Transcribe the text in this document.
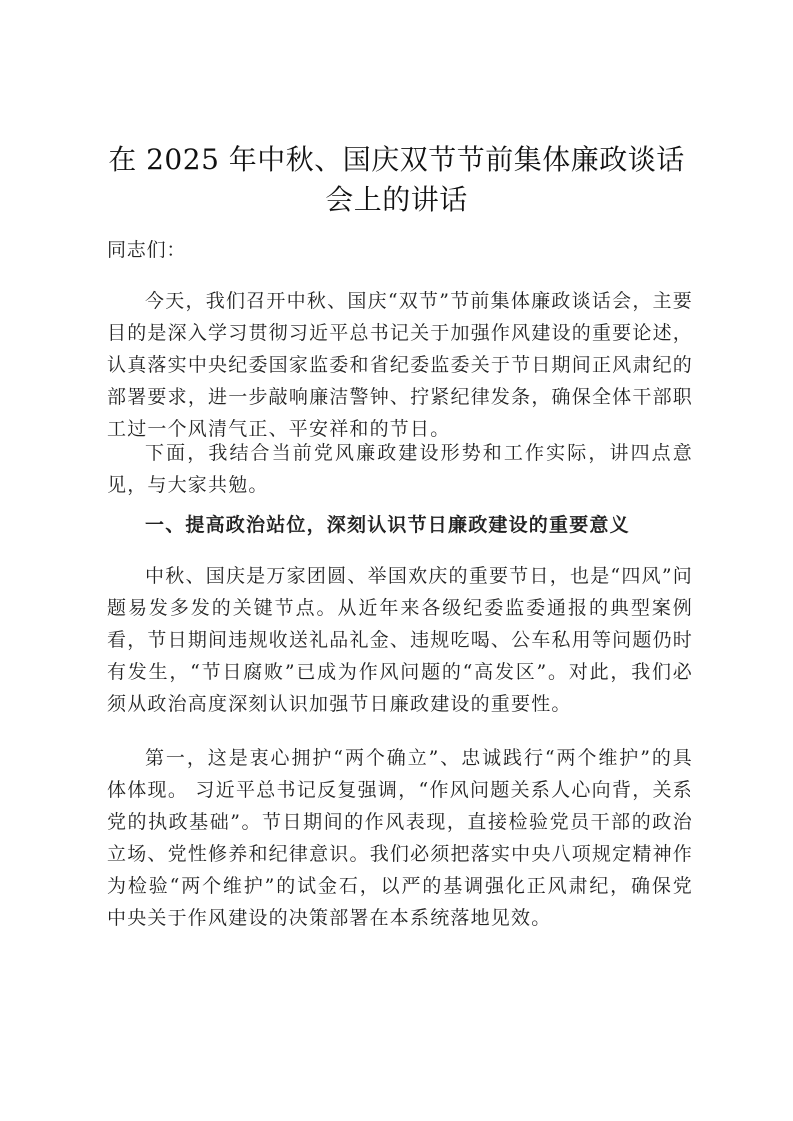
在 2025 年中秋、国庆双节节前集体廉政谈话
会上的讲话
同志们：
今天，我们召开中秋、国庆“双节”节前集体廉政谈话会，主要目的是深入学习贯彻习近平总书记关于加强作风建设的重要论述，认真落实中央纪委国家监委和省纪委监委关于节日期间正风肃纪的部署要求，进一步敲响廉洁警钟、拧紧纪律发条，确保全体干部职工过一个风清气正、平安祥和的节日。
下面，我结合当前党风廉政建设形势和工作实际，讲四点意见，与大家共勉。
一、提高政治站位，深刻认识节日廉政建设的重要意义
中秋、国庆是万家团圆、举国欢庆的重要节日，也是“四风”问题易发多发的关键节点。从近年来各级纪委监委通报的典型案例看，节日期间违规收送礼品礼金、违规吃喝、公车私用等问题仍时有发生，“节日腐败”已成为作风问题的“高发区”。对此，我们必须从政治高度深刻认识加强节日廉政建设的重要性。
第一，这是衷心拥护“两个确立”、忠诚践行“两个维护”的具体体现。 习近平总书记反复强调，“作风问题关系人心向背，关系党的执政基础”。节日期间的作风表现，直接检验党员干部的政治立场、党性修养和纪律意识。我们必须把落实中央八项规定精神作为检验“两个维护”的试金石，以严的基调强化正风肃纪，确保党中央关于作风建设的决策部署在本系统落地见效。
